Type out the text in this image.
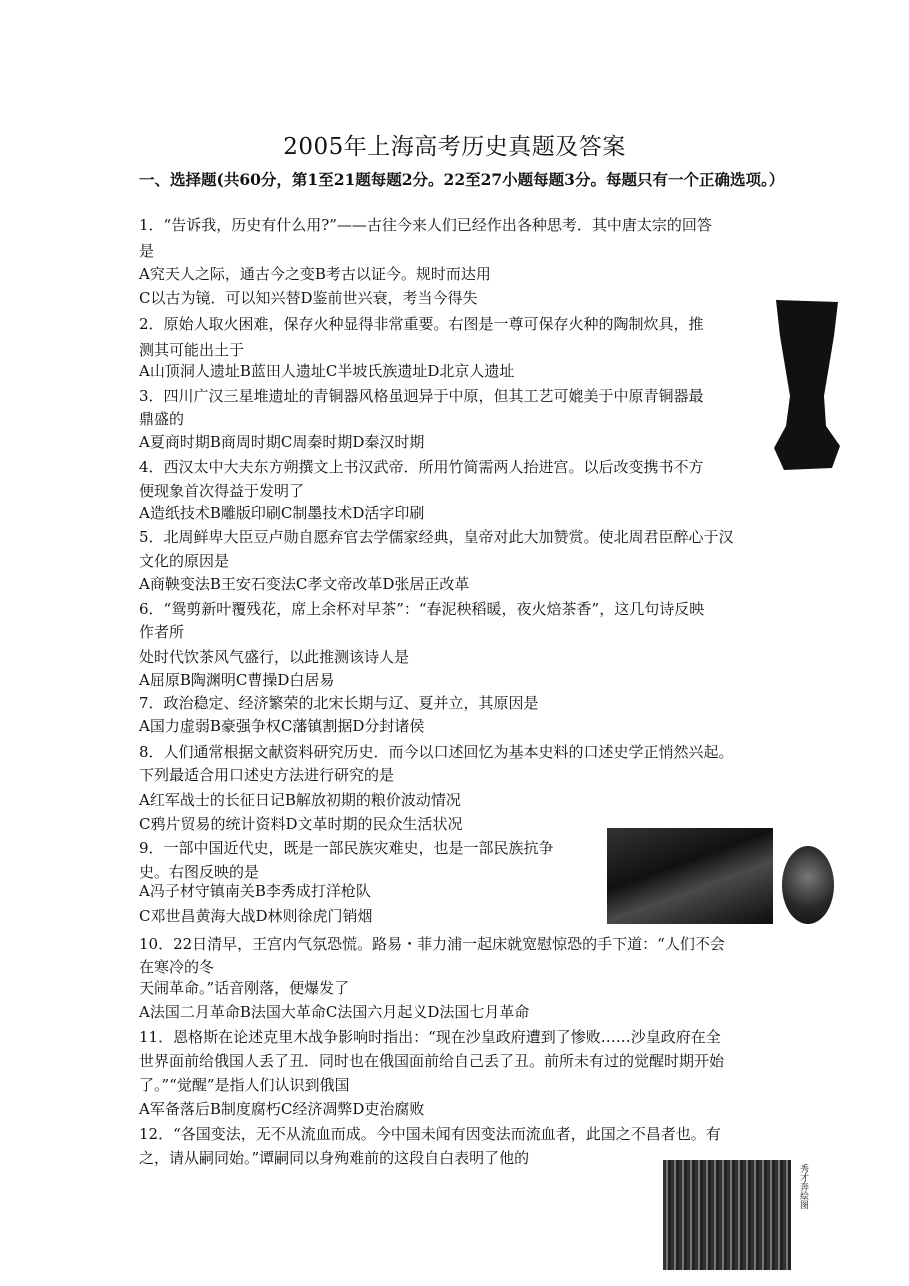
2005年上海高考历史真题及答案
一、选择题(共60分，第1至21题每题2分。22至27小题每题3分。每题只有一个正确选项。）
1．“告诉我，历史有什么用?”——古往今来人们已经作出各种思考．其中唐太宗的回答
是
A究天人之际，通古今之变B考古以证今。规时而达用
C以古为镜．可以知兴替D鉴前世兴衰，考当今得失
2．原始人取火困难，保存火种显得非常重要。右图是一尊可保存火种的陶制炊具，推
测其可能出土于
A山顶洞人遗址B蓝田人遗址C半坡氏族遗址D北京人遗址
3．四川广汉三星堆遗址的青铜器风格虽迥异于中原，但其工艺可媲美于中原青铜器最
鼎盛的
A夏商时期B商周时期C周秦时期D秦汉时期
4．西汉太中大夫东方朔撰文上书汉武帝．所用竹简需两人抬进宫。以后改变携书不方
便现象首次得益于发明了
A造纸技术B雕版印刷C制墨技术D活字印刷
5．北周鲜卑大臣豆卢勋自愿弃官去学儒家经典，皇帝对此大加赞赏。使北周君臣醉心于汉
文化的原因是
A商鞅变法B王安石变法C孝文帝改革D张居正改革
6．“鸳剪新叶覆残花，席上余杯对早茶”：“春泥秧稻暖，夜火焙茶香”，这几句诗反映
作者所
处时代饮茶风气盛行，以此推测该诗人是
A屈原B陶渊明C曹操D白居易
7．政治稳定、经济繁荣的北宋长期与辽、夏并立，其原因是
A国力虚弱B豪强争权C藩镇割据D分封诸侯
8．人们通常根据文献资料研究历史．而今以口述回忆为基本史料的口述史学正悄然兴起。
下列最适合用口述史方法进行研究的是
A红军战士的长征日记B解放初期的粮价波动情况
C鸦片贸易的统计资料D文革时期的民众生活状况
9．一部中国近代史，既是一部民族灾难史，也是一部民族抗争
史。右图反映的是
A冯子材守镇南关B李秀成打洋枪队
C邓世昌黄海大战D林则徐虎门销烟
10．22日清早，王宫内气氛恐慌。路易・菲力浦一起床就宽慰惊恐的手下道：“人们不会
在寒冷的冬
天闹革命。”话音刚落，便爆发了
A法国二月革命B法国大革命C法国六月起义D法国七月革命
11．恩格斯在论述克里木战争影响时指出：“现在沙皇政府遭到了惨败……沙皇政府在全
世界面前给俄国人丢了丑．同时也在俄国面前给自己丢了丑。前所未有过的觉醒时期开始
了。”“觉醒”是指人们认识到俄国
A军备落后B制度腐朽C经济凋弊D吏治腐败
12．“各国变法，无不从流血而成。今中国未闻有因变法而流血者，此国之不昌者也。有
之，请从嗣同始。”谭嗣同以身殉难前的这段自白表明了他的
秀才奔絵图
